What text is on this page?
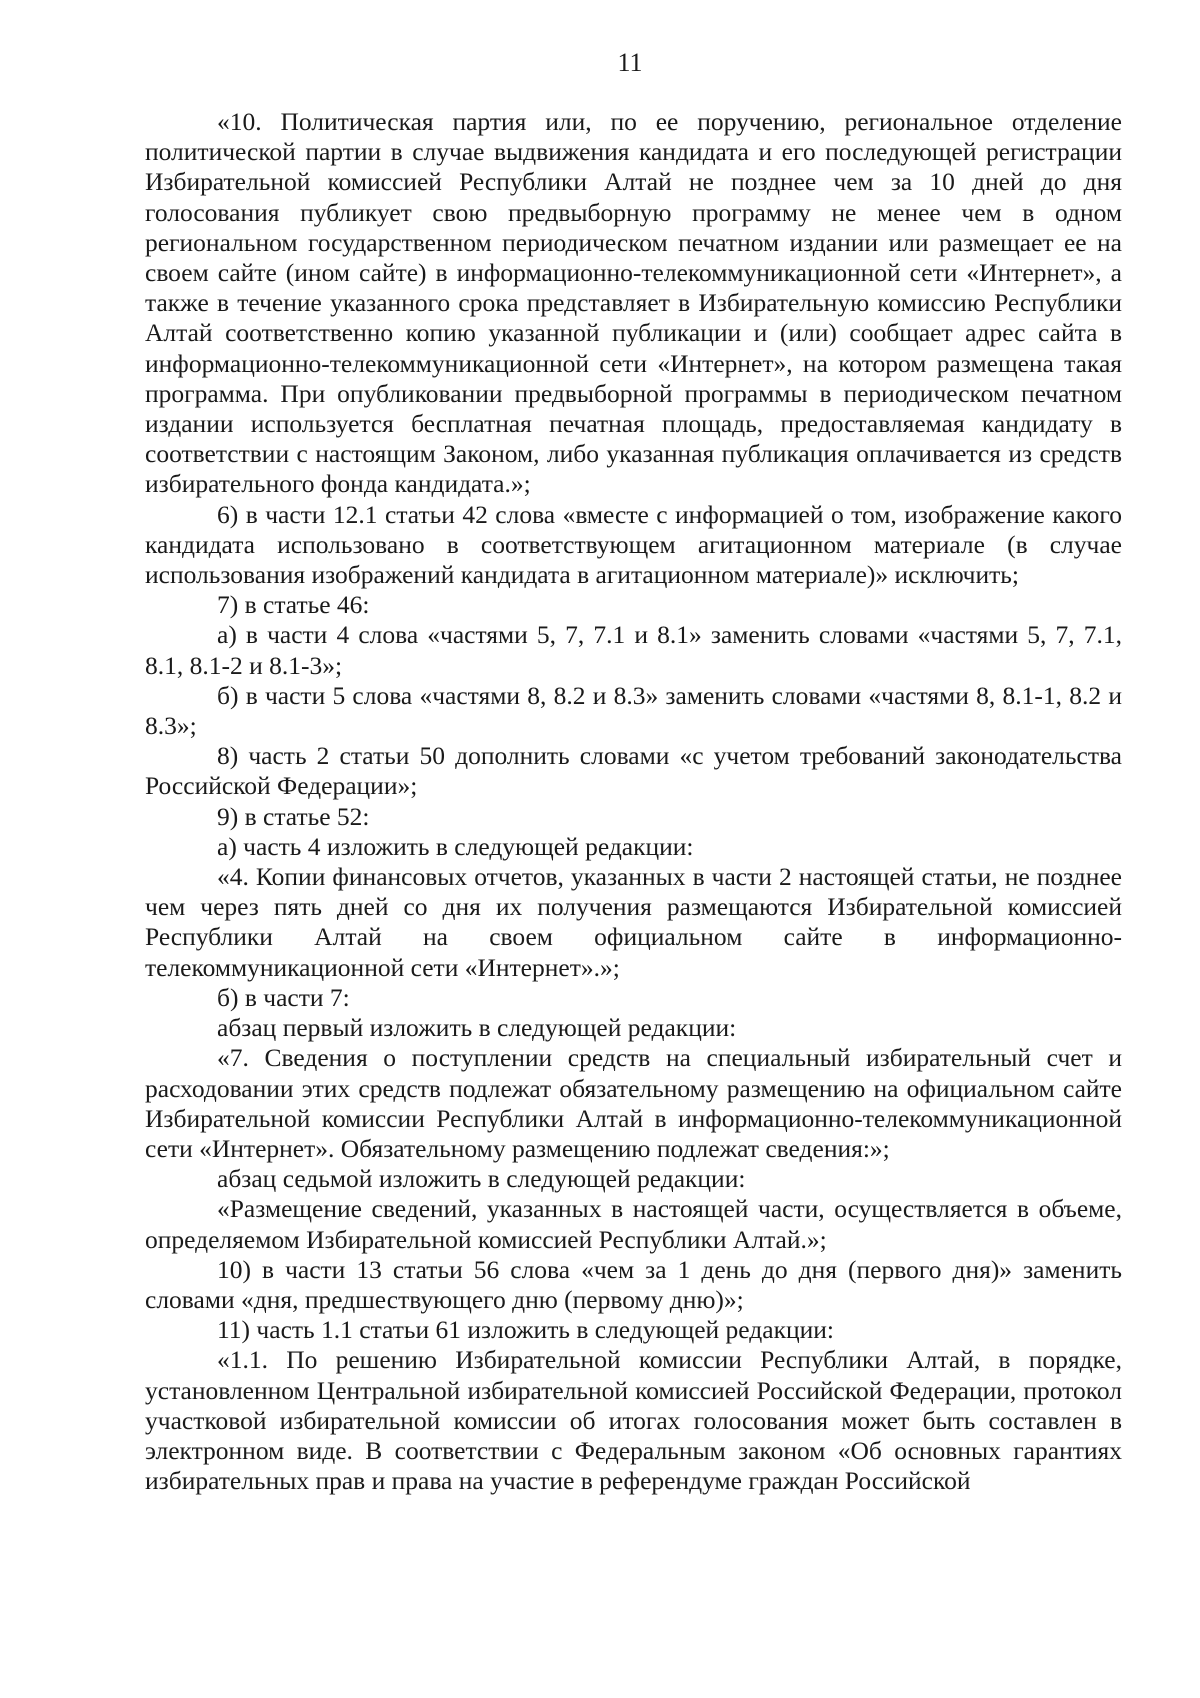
11

«10. Политическая партия или, по ее поручению, региональное отделение политической партии в случае выдвижения кандидата и его последующей регистрации Избирательной комиссией Республики Алтай не позднее чем за 10 дней до дня голосования публикует свою предвыборную программу не менее чем в одном региональном государственном периодическом печатном издании или размещает ее на своем сайте (ином сайте) в информационно-телекоммуникационной сети «Интернет», а также в течение указанного срока представляет в Избирательную комиссию Республики Алтай соответственно копию указанной публикации и (или) сообщает адрес сайта в информационно-телекоммуникационной сети «Интернет», на котором размещена такая программа. При опубликовании предвыборной программы в периодическом печатном издании используется бесплатная печатная площадь, предоставляемая кандидату в соответствии с настоящим Законом, либо указанная публикация оплачивается из средств избирательного фонда кандидата.»;

6) в части 12.1 статьи 42 слова «вместе с информацией о том, изображение какого кандидата использовано в соответствующем агитационном материале (в случае использования изображений кандидата в агитационном материале)» исключить;

7) в статье 46:

а) в части 4 слова «частями 5, 7, 7.1 и 8.1» заменить словами «частями 5, 7, 7.1, 8.1, 8.1-2 и 8.1-3»;

б) в части 5 слова «частями 8, 8.2 и 8.3» заменить словами «частями 8, 8.1-1, 8.2 и 8.3»;

8) часть 2 статьи 50 дополнить словами «с учетом требований законодательства Российской Федерации»;

9) в статье 52:

а) часть 4 изложить в следующей редакции:

«4. Копии финансовых отчетов, указанных в части 2 настоящей статьи, не позднее чем через пять дней со дня их получения размещаются Избирательной комиссией Республики Алтай на своем официальном сайте в информационно-телекоммуникационной сети «Интернет».»;

б) в части 7:

абзац первый изложить в следующей редакции:

«7. Сведения о поступлении средств на специальный избирательный счет и расходовании этих средств подлежат обязательному размещению на официальном сайте Избирательной комиссии Республики Алтай в информационно-телекоммуникационной сети «Интернет». Обязательному размещению подлежат сведения:»;

абзац седьмой изложить в следующей редакции:

«Размещение сведений, указанных в настоящей части, осуществляется в объеме, определяемом Избирательной комиссией Республики Алтай.»;

10) в части 13 статьи 56 слова «чем за 1 день до дня (первого дня)» заменить словами «дня, предшествующего дню (первому дню)»;

11) часть 1.1 статьи 61 изложить в следующей редакции:

«1.1. По решению Избирательной комиссии Республики Алтай, в порядке, установленном Центральной избирательной комиссией Российской Федерации, протокол участковой избирательной комиссии об итогах голосования может быть составлен в электронном виде. В соответствии с Федеральным законом «Об основных гарантиях избирательных прав и права на участие в референдуме граждан Российской
